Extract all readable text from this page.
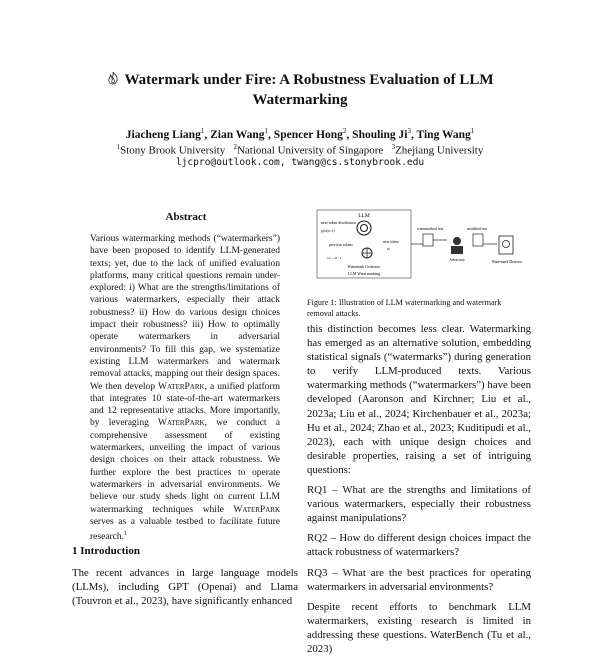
Watermark under Fire: A Robustness Evaluation of LLM
Watermarking
Jiacheng Liang$^1$, Zian Wang$^1$, Spencer Hong$^2$, Shouling Ji$^3$, Ting Wang$^1$
$^1$Stony Brook University $^2$National University of Singapore $^3$Zhejiang University
ljcpro@outlook.com, twang@cs.stonybrook.edu
Abstract
Various watermarking methods (“watermarkers”) have been proposed to identify LLM-generated texts; yet, due to the lack of unified evaluation platforms, many critical questions remain under-explored: i) What are the strengths/limitations of various watermarkers, especially their attack robustness? ii) How do various design choices impact their robustness? iii) How to optimally operate watermarkers in adversarial environments? To fill this gap, we systematize existing LLM watermarkers and watermark removal attacks, mapping out their design spaces. We then develop WaterPark, a unified platform that integrates 10 state-of-the-art watermarkers and 12 representative attacks. More importantly, by leveraging WaterPark, we conduct a comprehensive assessment of existing watermarkers, unveiling the impact of various design choices on their attack robustness. We further explore the best practices to operate watermarkers in adversarial environments. We believe our study sheds light on current LLM watermarking techniques while WaterPark serves as a valuable testbed to facilitate future research.$^1$
1 Introduction
The recent advances in large language models (LLMs), including GPT (Openai) and Llama (Touvron et al., 2023), have significantly enhanced
LLM
next-token distribution
p(xt|x<t)
previous tokens
x1,...,xt−1
Watermark Generator
next token
xt
LLM Watermarking
watermarked text
Adversary
modified text
Watermark Detector
Figure 1: Illustration of LLM watermarking and watermark removal attacks.

this distinction becomes less clear. Watermarking has emerged as an alternative solution, embedding statistical signals (“watermarks”) during generation to verify LLM-produced texts. Various watermarking methods (“watermarkers”) have been developed (Aaronson and Kirchner; Liu et al., 2023a; Liu et al., 2024; Kirchenbauer et al., 2023a; Hu et al., 2024; Zhao et al., 2023; Kuditipudi et al., 2023), each with unique design choices and desirable properties, raising a set of intriguing questions:

RQ1 – What are the strengths and limitations of various watermarkers, especially their robustness against manipulations?

RQ2 – How do different design choices impact the attack robustness of watermarkers?

RQ3 – What are the best practices for operating watermarkers in adversarial environments?

Despite recent efforts to benchmark LLM watermarkers, existing research is limited in addressing these questions. WaterBench (Tu et al., 2023)
